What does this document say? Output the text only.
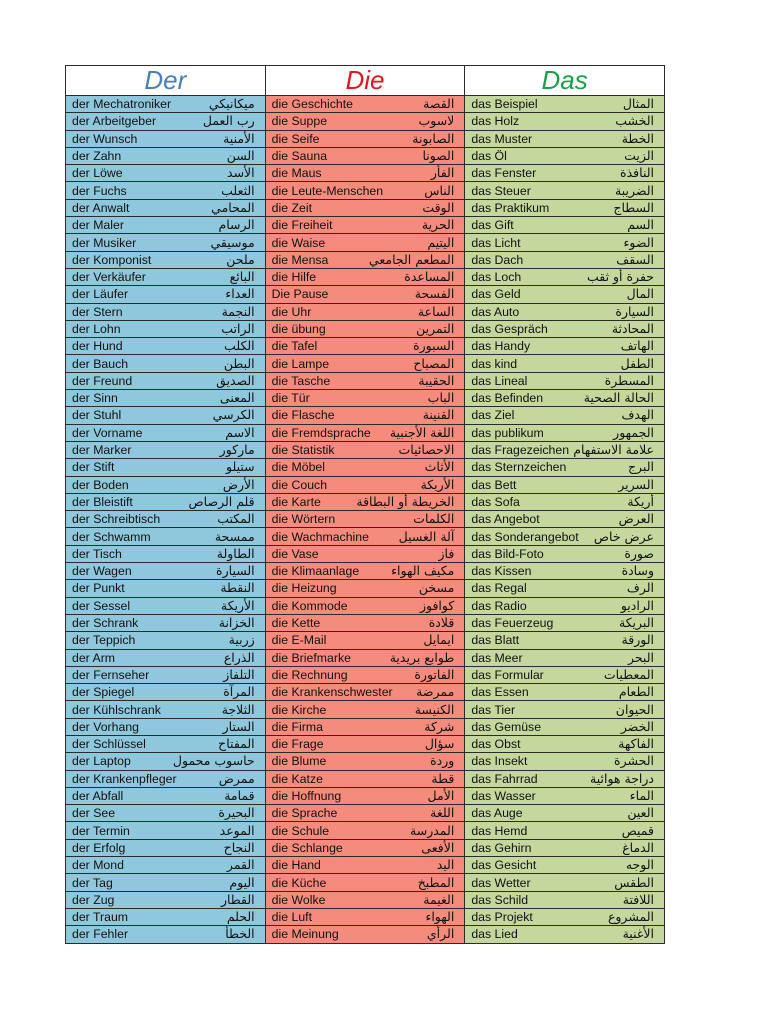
Der	Die	Das

der Mechatroniker ميكانيكي	die Geschichte القصة	das Beispiel المثال

der Arbeitgeber رب العمل	die Suppe لاسوب	das Holz الخشب

der Wunsch الأمنية	die Seife الصابونة	das Muster الخطة

der Zahn السن	die Sauna الصونا	das Öl الزيت

der Löwe الأسد	die Maus الفأر	das Fenster النافذة

der Fuchs الثعلب	die Leute-Menschen الناس	das Steuer الضريبة

der Anwalt المحامي	die Zeit الوقت	das Praktikum السطاج

der Maler الرسام	die Freiheit الحرية	das Gift السم

der Musiker موسيقي	die Waise اليتيم	das Licht الضوء

der Komponist ملحن	die Mensa المطعم الجامعي	das Dach السقف

der Verkäufer البائع	die Hilfe المساعدة	das Loch حفرة أو ثقب

der Läufer العداء	Die Pause الفسحة	das Geld المال

der Stern النجمة	die Uhr الساعة	das Auto السيارة

der Lohn الراتب	die übung التمرين	das Gespräch المحادثة

der Hund الكلب	die Tafel السبورة	das Handy الهاتف

der Bauch البطن	die Lampe المصباح	das kind الطفل

der Freund الصديق	die Tasche الحقيبة	das Lineal المسطرة

der Sinn المعنى	die Tür الباب	das Befinden الحالة الصحية

der Stuhl الكرسي	die Flasche القنينة	das Ziel الهدف

der Vorname الاسم	die Fremdsprache اللغة الأجنبية	das publikum الجمهور

der Marker ماركور	die Statistik الاحصائيات	das Fragezeichen علامة الاستفهام

der Stift ستيلو	die Möbel الأثاث	das Sternzeichen البرج

der Boden الأرض	die Couch الأريكة	das Bett السرير

der Bleistift قلم الرصاص	die Karte الخريطة أو البطاقة	das Sofa أريكة

der Schreibtisch المكتب	die Wörtern الكلمات	das Angebot العرض

der Schwamm ممسحة	die Wachmachine آلة الغسيل	das Sonderangebot عرض خاص

der Tisch الطاولة	die Vase فاز	das Bild-Foto صورة

der Wagen السيارة	die Klimaanlage مكيف الهواء	das Kissen وسادة

der Punkt النقطة	die Heizung مسخن	das Regal الرف

der Sessel الأريكة	die Kommode كوافوز	das Radio الراديو

der Schrank الخزانة	die Kette قلادة	das Feuerzeug البريكة

der Teppich زربية	die E-Mail ايمايل	das Blatt الورقة

der Arm الذراع	die Briefmarke طوابع بريدية	das Meer البحر

der Fernseher التلفاز	die Rechnung الفاتورة	das Formular المعطيات

der Spiegel المرآة	die Krankenschwester ممرضة	das Essen الطعام

der Kühlschrank الثلاجة	die Kirche الكنيسة	das Tier الحيوان

der Vorhang الستار	die Firma شركة	das Gemüse الخضر

der Schlüssel المفتاح	die Frage سؤال	das Obst الفاكهة

der Laptop حاسوب محمول	die Blume وردة	das Insekt الحشرة

der Krankenpfleger ممرض	die Katze قطة	das Fahrrad دراجة هوائية

der Abfall قمامة	die Hoffnung الأمل	das Wasser الماء

der See البحيرة	die Sprache اللغة	das Auge العين

der Termin الموعد	die Schule المدرسة	das Hemd قميص

der Erfolg النجاح	die Schlange الأفعى	das Gehirn الدماغ

der Mond القمر	die Hand اليد	das Gesicht الوجه

der Tag اليوم	die Küche المطبخ	das Wetter الطقس

der Zug القطار	die Wolke الغيمة	das Schild اللافتة

der Traum الحلم	die Luft الهواء	das Projekt المشروع

der Fehler الخطأ	die Meinung الرأي	das Lied الأغنية
